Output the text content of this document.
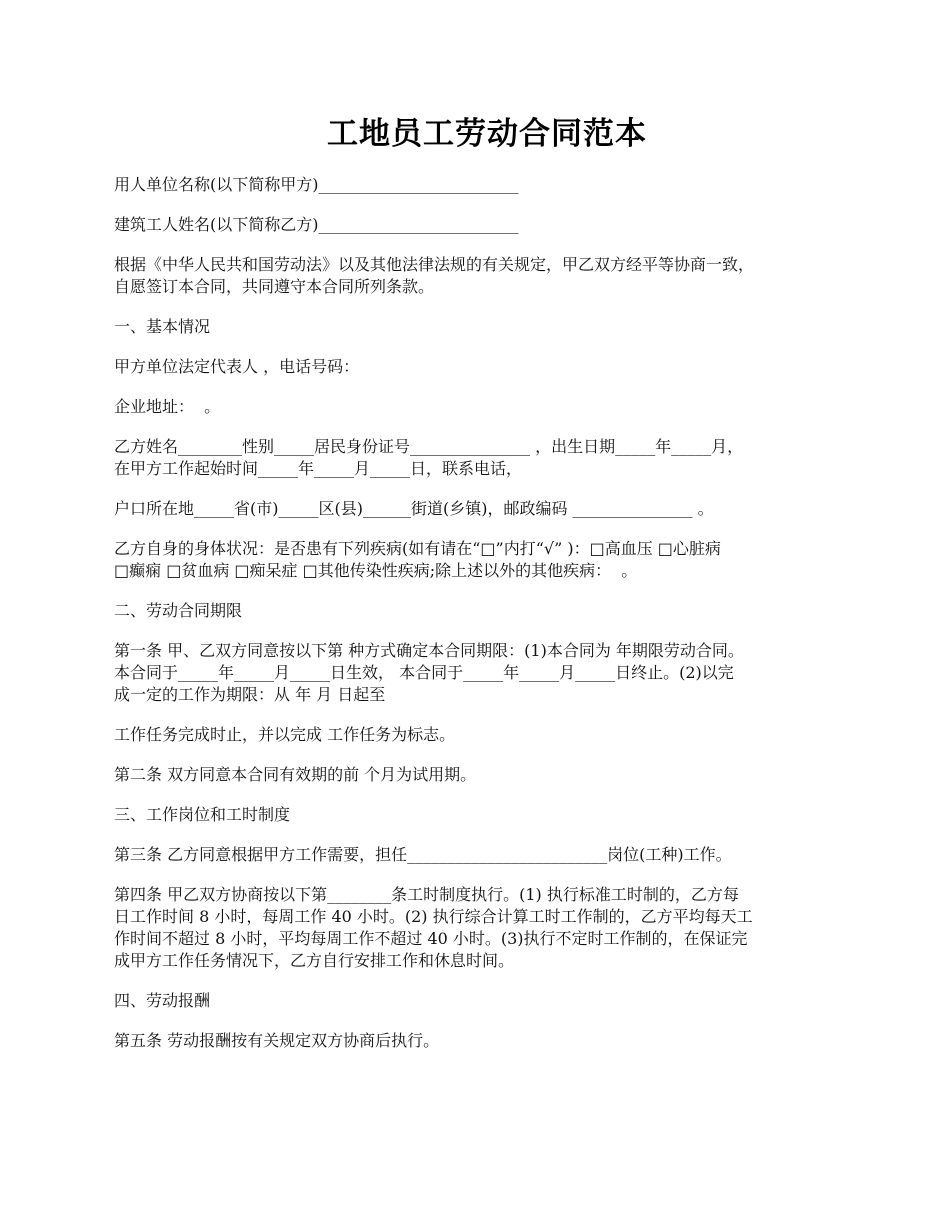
工地员工劳动合同范本
用人单位名称(以下简称甲方)_________________________
建筑工人姓名(以下简称乙方)_________________________
根据《中华人民共和国劳动法》以及其他法律法规的有关规定，甲乙双方经平等协商一致，
自愿签订本合同，共同遵守本合同所列条款。
一、基本情况
甲方单位法定代表人 ，电话号码：
企业地址：  。
乙方姓名________性别_____居民身份证号_______________ ，出生日期_____年_____月，
在甲方工作起始时间_____年_____月_____日，联系电话，
户口所在地_____省(市)_____区(县)______街道(乡镇)，邮政编码 _______________ 。
乙方自身的身体状况：是否患有下列疾病(如有请在“□”内打“√” )：□高血压 □心脏病
□癫痫 □贫血病 □痴呆症 □其他传染性疾病;除上述以外的其他疾病：  。
二、劳动合同期限
第一条 甲、乙双方同意按以下第 种方式确定本合同期限：(1)本合同为 年期限劳动合同。
本合同于_____年_____月_____日生效， 本合同于_____年_____月_____日终止。(2)以完
成一定的工作为期限：从 年 月 日起至
工作任务完成时止，并以完成 工作任务为标志。
第二条 双方同意本合同有效期的前 个月为试用期。
三、工作岗位和工时制度
第三条 乙方同意根据甲方工作需要，担任_________________________岗位(工种)工作。
第四条 甲乙双方协商按以下第________条工时制度执行。(1) 执行标准工时制的，乙方每
日工作时间 8 小时，每周工作 40 小时。(2) 执行综合计算工时工作制的，乙方平均每天工
作时间不超过 8 小时，平均每周工作不超过 40 小时。(3)执行不定时工作制的，在保证完
成甲方工作任务情况下，乙方自行安排工作和休息时间。
四、劳动报酬
第五条 劳动报酬按有关规定双方协商后执行。
